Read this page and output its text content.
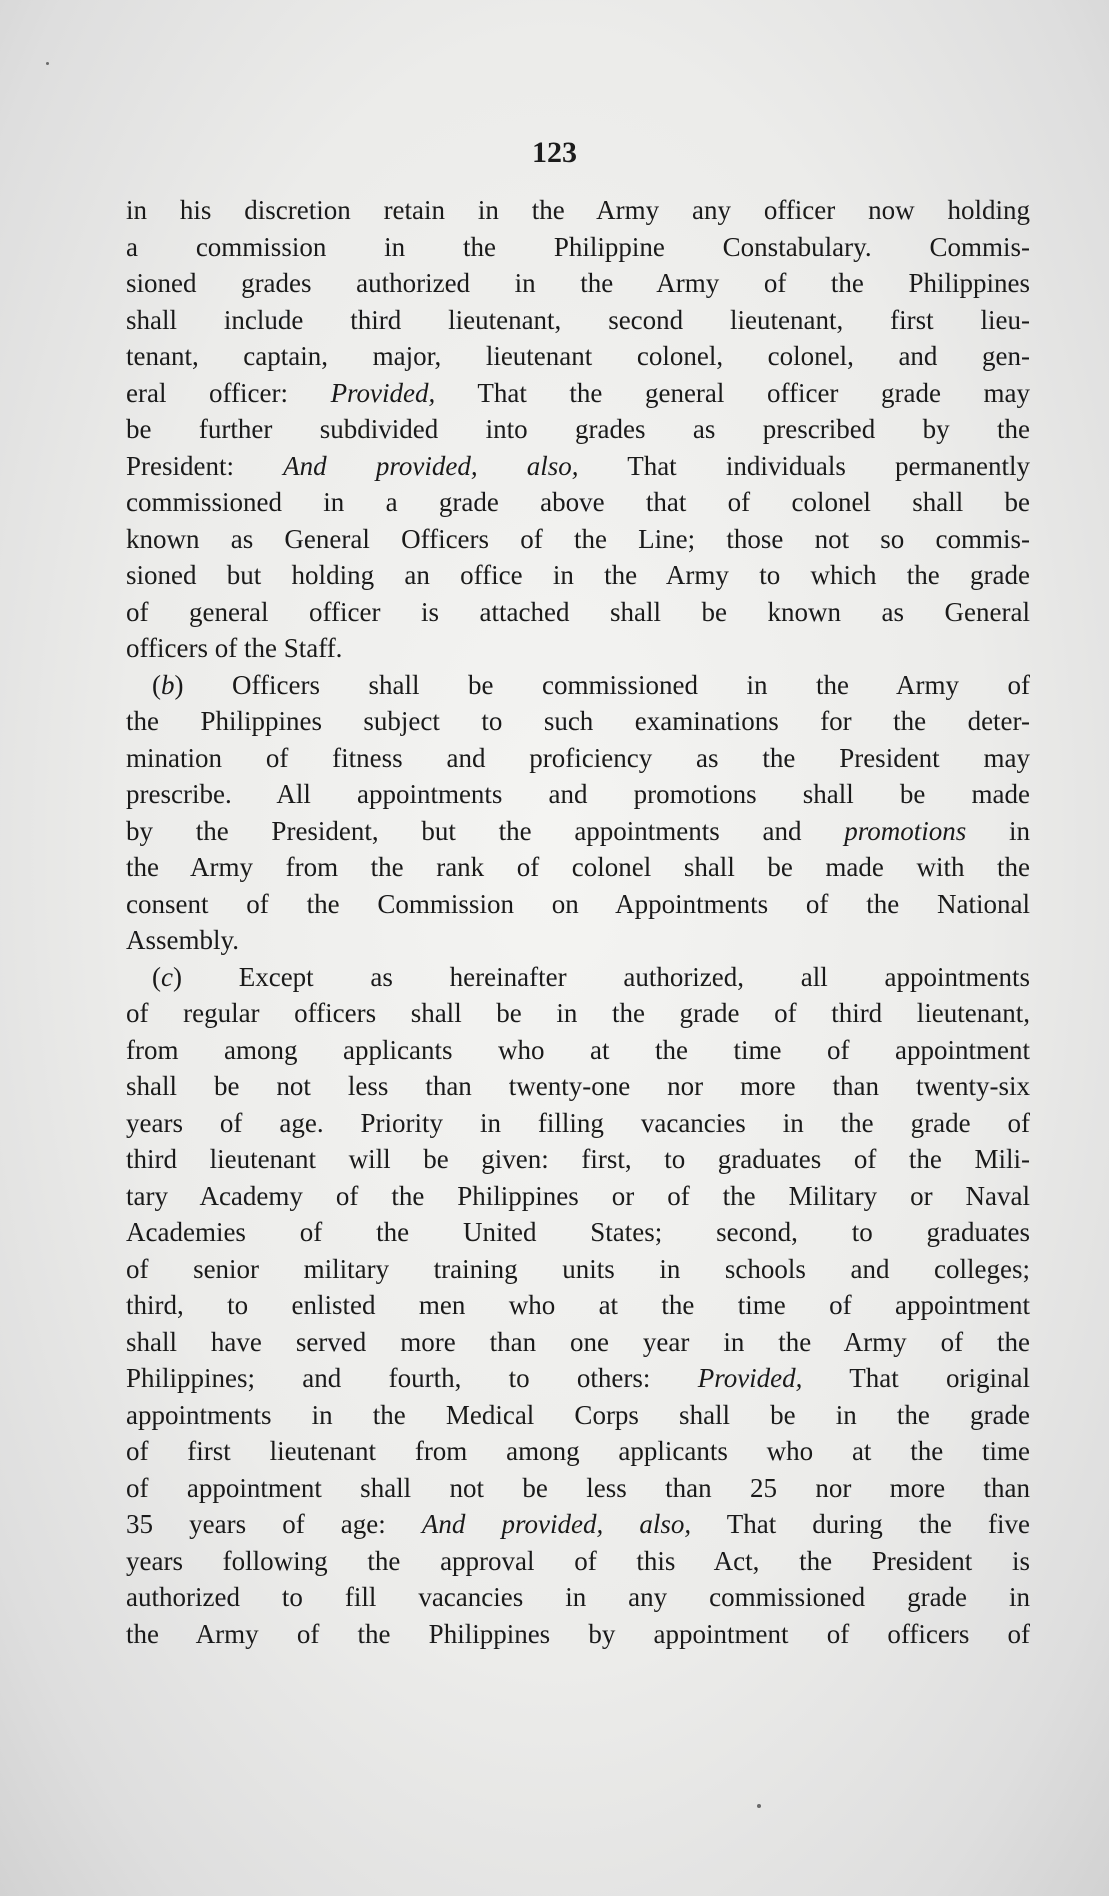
123
in his discretion retain in the Army any officer now holding
a commission in the Philippine Constabulary. Commis-
sioned grades authorized in the Army of the Philippines
shall include third lieutenant, second lieutenant, first lieu-
tenant, captain, major, lieutenant colonel, colonel, and gen-
eral officer: Provided, That the general officer grade may
be further subdivided into grades as prescribed by the
President: And provided, also, That individuals permanently
commissioned in a grade above that of colonel shall be
known as General Officers of the Line; those not so commis-
sioned but holding an office in the Army to which the grade
of general officer is attached shall be known as General
officers of the Staff.
(b) Officers shall be commissioned in the Army of
the Philippines subject to such examinations for the deter-
mination of fitness and proficiency as the President may
prescribe. All appointments and promotions shall be made
by the President, but the appointments and promotions in
the Army from the rank of colonel shall be made with the
consent of the Commission on Appointments of the National
Assembly.
(c) Except as hereinafter authorized, all appointments
of regular officers shall be in the grade of third lieutenant,
from among applicants who at the time of appointment
shall be not less than twenty-one nor more than twenty-six
years of age. Priority in filling vacancies in the grade of
third lieutenant will be given: first, to graduates of the Mili-
tary Academy of the Philippines or of the Military or Naval
Academies of the United States; second, to graduates
of senior military training units in schools and colleges;
third, to enlisted men who at the time of appointment
shall have served more than one year in the Army of the
Philippines; and fourth, to others: Provided, That original
appointments in the Medical Corps shall be in the grade
of first lieutenant from among applicants who at the time
of appointment shall not be less than 25 nor more than
35 years of age: And provided, also, That during the five
years following the approval of this Act, the President is
authorized to fill vacancies in any commissioned grade in
the Army of the Philippines by appointment of officers of
